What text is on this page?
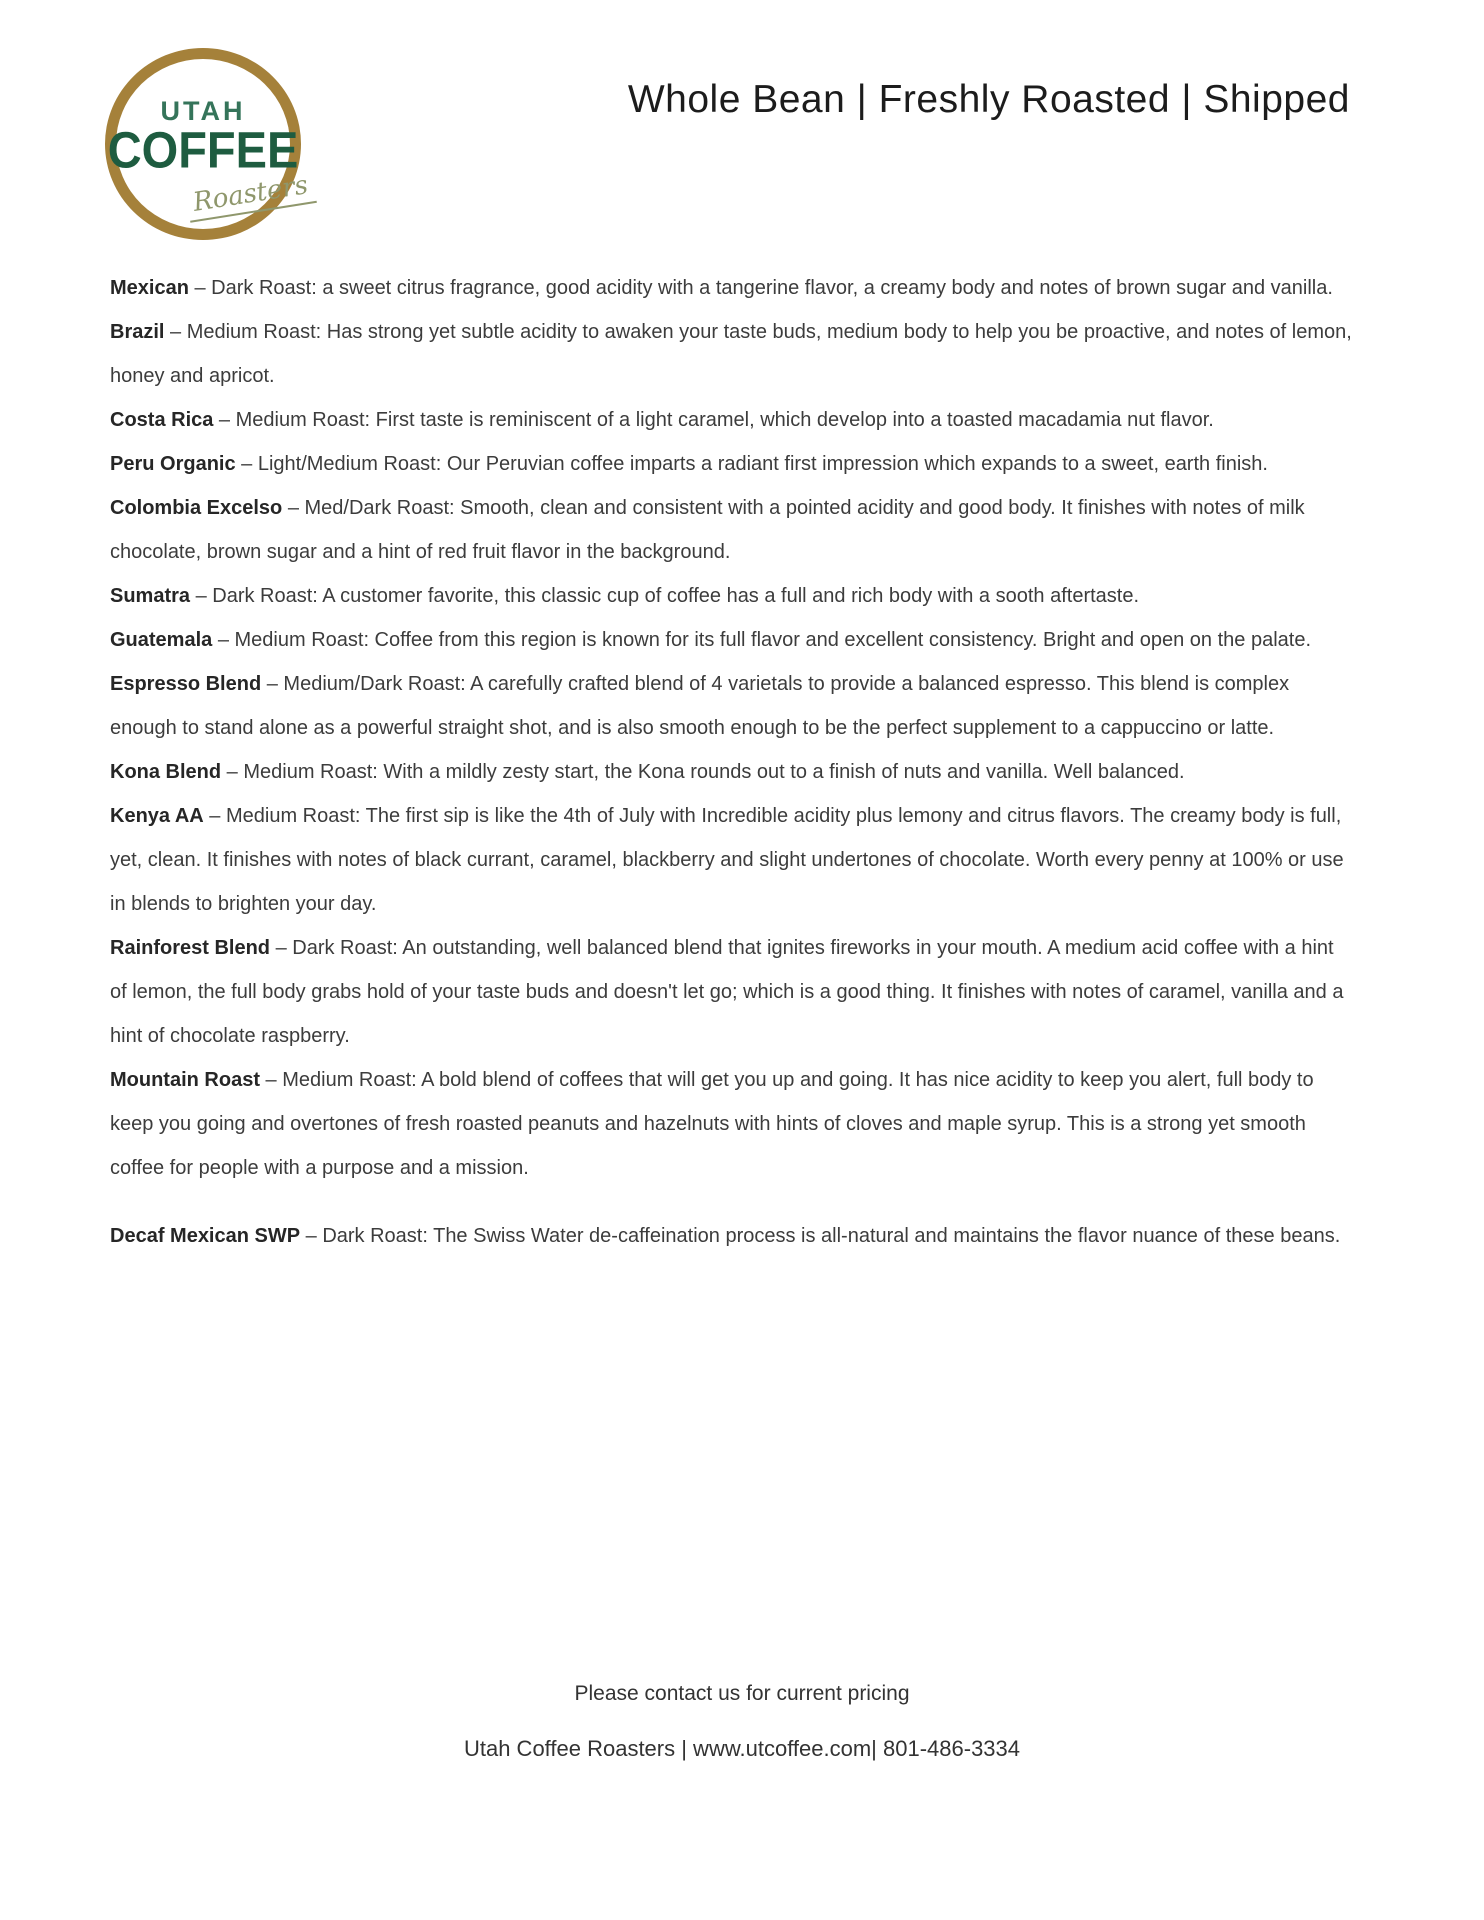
UTAH
COFFEE
Roasters
Whole Bean | Freshly Roasted | Shipped

Mexican – Dark Roast: a sweet citrus fragrance, good acidity with a tangerine flavor, a creamy body and notes of brown sugar and vanilla.

Brazil – Medium Roast: Has strong yet subtle acidity to awaken your taste buds, medium body to help you be proactive, and notes of lemon, honey and apricot.

Costa Rica – Medium Roast: First taste is reminiscent of a light caramel, which develop into a toasted macadamia nut flavor.

Peru Organic – Light/Medium Roast: Our Peruvian coffee imparts a radiant first impression which expands to a sweet, earth finish.

Colombia Excelso – Med/Dark Roast: Smooth, clean and consistent with a pointed acidity and good body. It finishes with notes of milk chocolate, brown sugar and a hint of red fruit flavor in the background.

Sumatra – Dark Roast: A customer favorite, this classic cup of coffee has a full and rich body with a sooth aftertaste.

Guatemala – Medium Roast: Coffee from this region is known for its full flavor and excellent consistency. Bright and open on the palate.

Espresso Blend – Medium/Dark Roast: A carefully crafted blend of 4 varietals to provide a balanced espresso. This blend is complex enough to stand alone as a powerful straight shot, and is also smooth enough to be the perfect supplement to a cappuccino or latte.

Kona Blend – Medium Roast: With a mildly zesty start, the Kona rounds out to a finish of nuts and vanilla. Well balanced.

Kenya AA – Medium Roast: The first sip is like the 4th of July with Incredible acidity plus lemony and citrus flavors. The creamy body is full, yet, clean. It finishes with notes of black currant, caramel, blackberry and slight undertones of chocolate. Worth every penny at 100% or use in blends to brighten your day.

Rainforest Blend – Dark Roast: An outstanding, well balanced blend that ignites fireworks in your mouth. A medium acid coffee with a hint of lemon, the full body grabs hold of your taste buds and doesn't let go; which is a good thing. It finishes with notes of caramel, vanilla and a hint of chocolate raspberry.

Mountain Roast – Medium Roast: A bold blend of coffees that will get you up and going. It has nice acidity to keep you alert, full body to keep you going and overtones of fresh roasted peanuts and hazelnuts with hints of cloves and maple syrup. This is a strong yet smooth coffee for people with a purpose and a mission.

Decaf Mexican SWP – Dark Roast: The Swiss Water de-caffeination process is all-natural and maintains the flavor nuance of these beans.

Please contact us for current pricing

Utah Coffee Roasters | www.utcoffee.com| 801-486-3334
